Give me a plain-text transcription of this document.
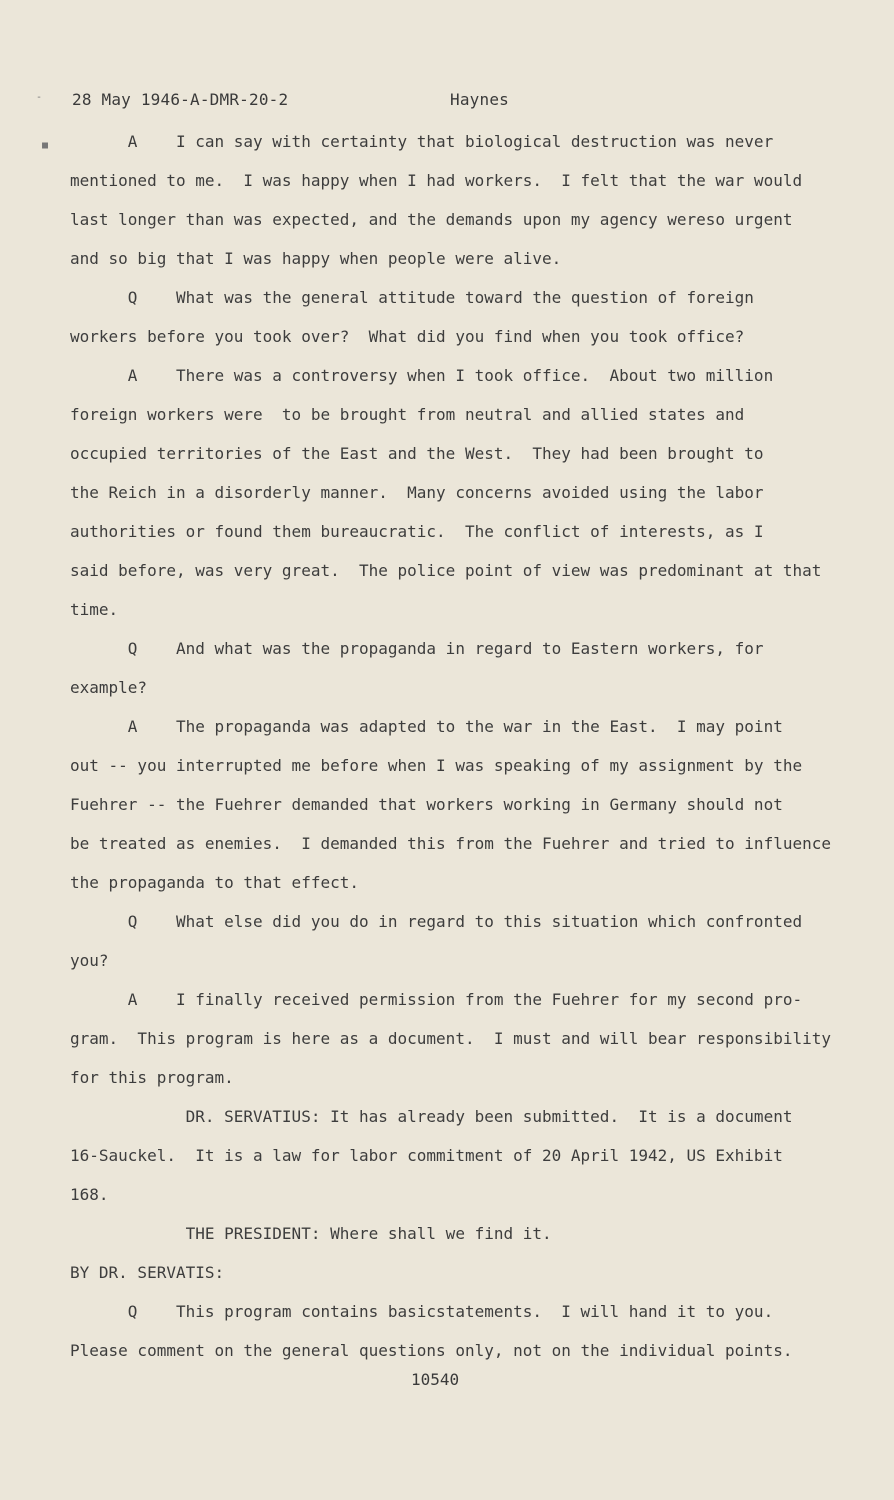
-
■
28 May 1946-A-DMR-20-2	Haynes
A    I can say with certainty that biological destruction was never
mentioned to me.  I was happy when I had workers.  I felt that the war would
last longer than was expected, and the demands upon my agency wereso urgent
and so big that I was happy when people were alive.
Q    What was the general attitude toward the question of foreign
workers before you took over?  What did you find when you took office?
A    There was a controversy when I took office.  About two million
foreign workers were  to be brought from neutral and allied states and
occupied territories of the East and the West.  They had been brought to
the Reich in a disorderly manner.  Many concerns avoided using the labor
authorities or found them bureaucratic.  The conflict of interests, as I
said before, was very great.  The police point of view was predominant at that
time.
Q    And what was the propaganda in regard to Eastern workers, for
example?
A    The propaganda was adapted to the war in the East.  I may point
out -- you interrupted me before when I was speaking of my assignment by the
Fuehrer -- the Fuehrer demanded that workers working in Germany should not
be treated as enemies.  I demanded this from the Fuehrer and tried to influence
the propaganda to that effect.
Q    What else did you do in regard to this situation which confronted
you?
A    I finally received permission from the Fuehrer for my second pro-
gram.  This program is here as a document.  I must and will bear responsibility
for this program.
DR. SERVATIUS: It has already been submitted.  It is a document
16-Sauckel.  It is a law for labor commitment of 20 April 1942, US Exhibit
168.
THE PRESIDENT: Where shall we find it.
BY DR. SERVATIS:
Q    This program contains basicstatements.  I will hand it to you.
Please comment on the general questions only, not on the individual points.
10540
